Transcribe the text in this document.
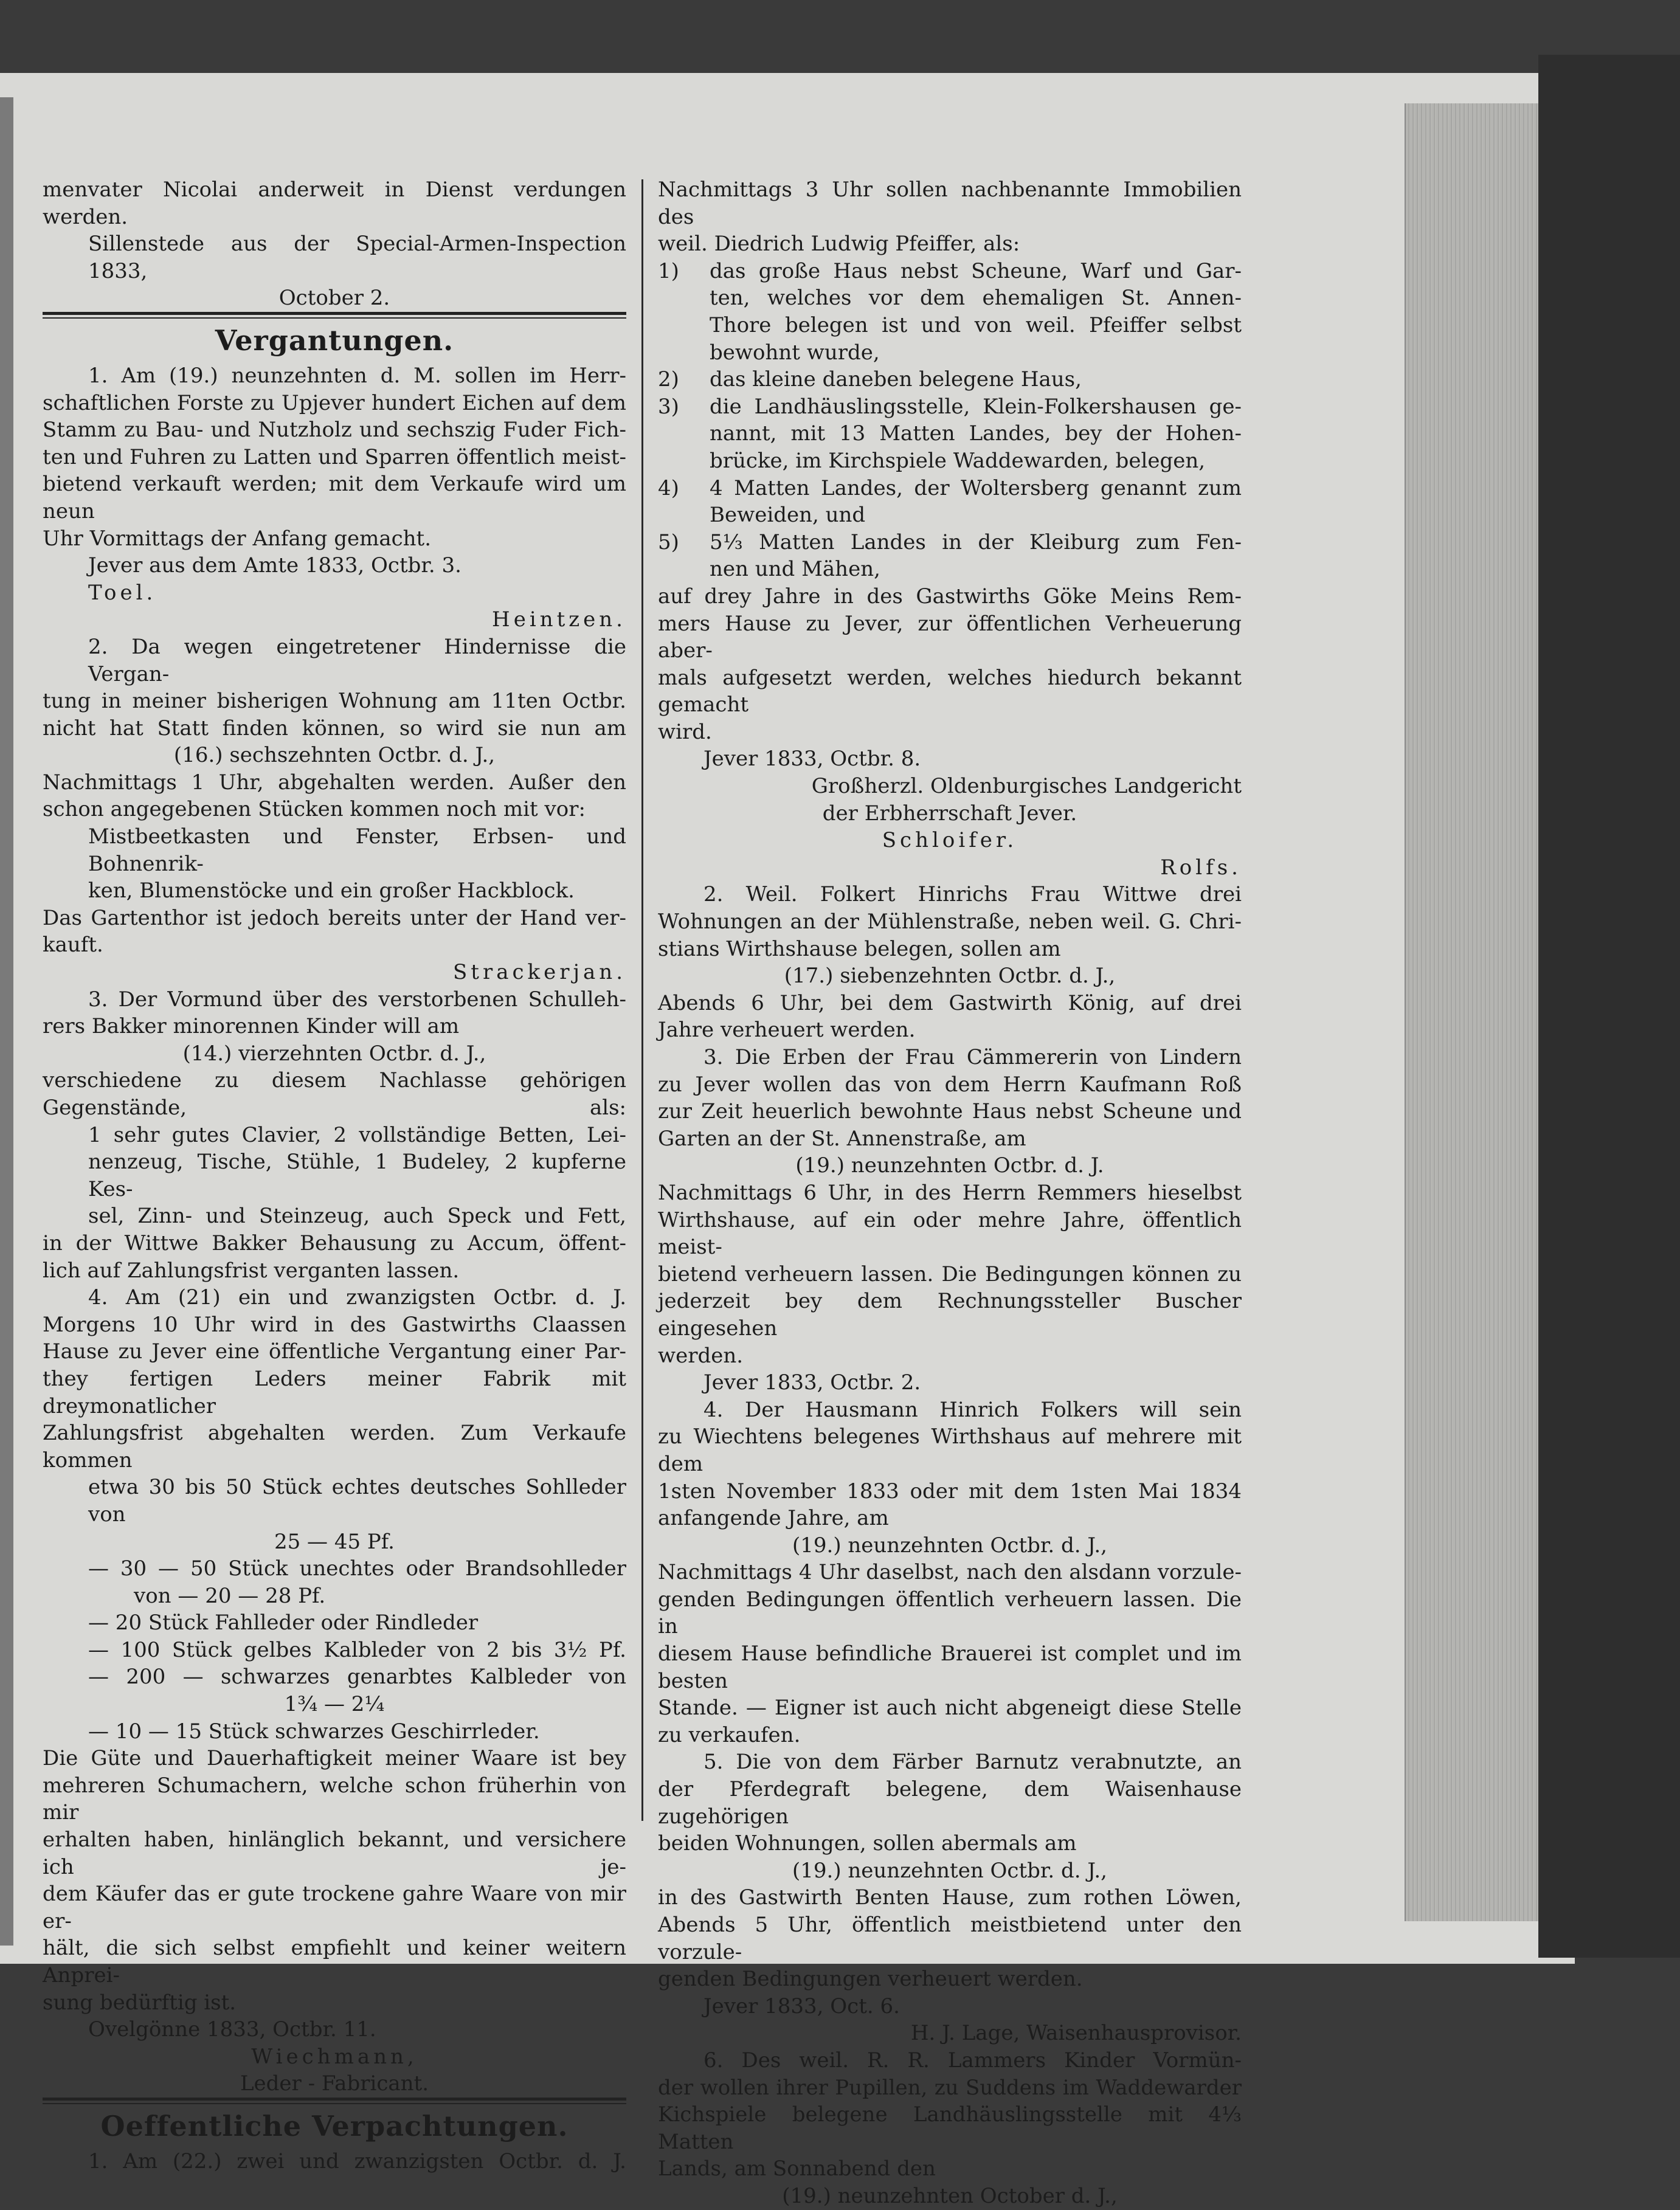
menvater Nicolai anderweit in Dienst verdungen
werden.
Sillenstede aus der Special-Armen-Inspection 1833,
October 2.
Vergantungen.
1. Am (19.) neunzehnten d. M. sollen im Herr-
schaftlichen Forste zu Upjever hundert Eichen auf dem
Stamm zu Bau- und Nutzholz und sechszig Fuder Fich-
ten und Fuhren zu Latten und Sparren öffentlich meist-
bietend verkauft werden; mit dem Verkaufe wird um neun
Uhr Vormittags der Anfang gemacht.
Jever aus dem Amte 1833, Octbr. 3.
Toel.
Heintzen.
2. Da wegen eingetretener Hindernisse die Vergan-
tung in meiner bisherigen Wohnung am 11ten Octbr.
nicht hat Statt finden können, so wird sie nun am
(16.) sechszehnten Octbr. d. J.,
Nachmittags 1 Uhr, abgehalten werden. Außer den
schon angegebenen Stücken kommen noch mit vor:
Mistbeetkasten und Fenster, Erbsen- und Bohnenrik-
ken, Blumenstöcke und ein großer Hackblock.
Das Gartenthor ist jedoch bereits unter der Hand ver-
kauft.
Strackerjan.
3. Der Vormund über des verstorbenen Schulleh-
rers Bakker minorennen Kinder will am
(14.) vierzehnten Octbr. d. J.,
verschiedene zu diesem Nachlasse gehörigen Gegenstände, als:
1 sehr gutes Clavier, 2 vollständige Betten, Lei-
nenzeug, Tische, Stühle, 1 Budeley, 2 kupferne Kes-
sel, Zinn- und Steinzeug, auch Speck und Fett,
in der Wittwe Bakker Behausung zu Accum, öffent-
lich auf Zahlungsfrist verganten lassen.
4. Am (21) ein und zwanzigsten Octbr. d. J.
Morgens 10 Uhr wird in des Gastwirths Claassen
Hause zu Jever eine öffentliche Vergantung einer Par-
they fertigen Leders meiner Fabrik mit dreymonatlicher
Zahlungsfrist abgehalten werden. Zum Verkaufe kommen
etwa 30 bis 50 Stück echtes deutsches Sohlleder von
25 — 45 Pf.
— 30 — 50 Stück unechtes oder Brandsohlleder
von — 20 — 28 Pf.
— 20 Stück Fahlleder oder Rindleder
— 100 Stück gelbes Kalbleder von 2 bis 3½ Pf.
— 200 — schwarzes genarbtes Kalbleder von
1¾ — 2¼
— 10 — 15 Stück schwarzes Geschirrleder.
Die Güte und Dauerhaftigkeit meiner Waare ist bey
mehreren Schumachern, welche schon früherhin von mir
erhalten haben, hinlänglich bekannt, und versichere ich je-
dem Käufer das er gute trockene gahre Waare von mir er-
hält, die sich selbst empfiehlt und keiner weitern Anprei-
sung bedürftig ist.
Ovelgönne 1833, Octbr. 11.
Wiechmann,
Leder - Fabricant.
Oeffentliche Verpachtungen.
1. Am (22.) zwei und zwanzigsten Octbr. d. J.
Nachmittags 3 Uhr sollen nachbenannte Immobilien des
weil. Diedrich Ludwig Pfeiffer, als:
1)	das große Haus nebst Scheune, Warf und Gar-
ten, welches vor dem ehemaligen St. Annen-
Thore belegen ist und von weil. Pfeiffer selbst
bewohnt wurde,
2)	das kleine daneben belegene Haus,
3)	die Landhäuslingsstelle, Klein-Folkershausen ge-
nannt, mit 13 Matten Landes, bey der Hohen-
brücke, im Kirchspiele Waddewarden, belegen,
4)	4 Matten Landes, der Woltersberg genannt zum
Beweiden, und
5)	5⅓ Matten Landes in der Kleiburg zum Fen-
nen und Mähen,
auf drey Jahre in des Gastwirths Göke Meins Rem-
mers Hause zu Jever, zur öffentlichen Verheuerung aber-
mals aufgesetzt werden, welches hiedurch bekannt gemacht
wird.
Jever 1833, Octbr. 8.
Großherzl. Oldenburgisches Landgericht
der Erbherrschaft Jever.
Schloifer.
Rolfs.
2. Weil. Folkert Hinrichs Frau Wittwe drei
Wohnungen an der Mühlenstraße, neben weil. G. Chri-
stians Wirthshause belegen, sollen am
(17.) siebenzehnten Octbr. d. J.,
Abends 6 Uhr, bei dem Gastwirth König, auf drei
Jahre verheuert werden.
3. Die Erben der Frau Cämmererin von Lindern
zu Jever wollen das von dem Herrn Kaufmann Roß
zur Zeit heuerlich bewohnte Haus nebst Scheune und
Garten an der St. Annenstraße, am
(19.) neunzehnten Octbr. d. J.
Nachmittags 6 Uhr, in des Herrn Remmers hieselbst
Wirthshause, auf ein oder mehre Jahre, öffentlich meist-
bietend verheuern lassen. Die Bedingungen können zu
jederzeit bey dem Rechnungssteller Buscher eingesehen
werden.
Jever 1833, Octbr. 2.
4. Der Hausmann Hinrich Folkers will sein
zu Wiechtens belegenes Wirthshaus auf mehrere mit dem
1sten November 1833 oder mit dem 1sten Mai 1834
anfangende Jahre, am
(19.) neunzehnten Octbr. d. J.,
Nachmittags 4 Uhr daselbst, nach den alsdann vorzule-
genden Bedingungen öffentlich verheuern lassen. Die in
diesem Hause befindliche Brauerei ist complet und im besten
Stande. — Eigner ist auch nicht abgeneigt diese Stelle
zu verkaufen.
5. Die von dem Färber Barnutz verabnutzte, an
der Pferdegraft belegene, dem Waisenhause zugehörigen
beiden Wohnungen, sollen abermals am
(19.) neunzehnten Octbr. d. J.,
in des Gastwirth Benten Hause, zum rothen Löwen,
Abends 5 Uhr, öffentlich meistbietend unter den vorzule-
genden Bedingungen verheuert werden.
Jever 1833, Oct. 6.
H. J. Lage, Waisenhausprovisor.
6. Des weil. R. R. Lammers Kinder Vormün-
der wollen ihrer Pupillen, zu Suddens im Waddewarder
Kichspiele belegene Landhäuslingsstelle mit 4⅓ Matten
Lands, am Sonnabend den
(19.) neunzehnten October d. J.,
